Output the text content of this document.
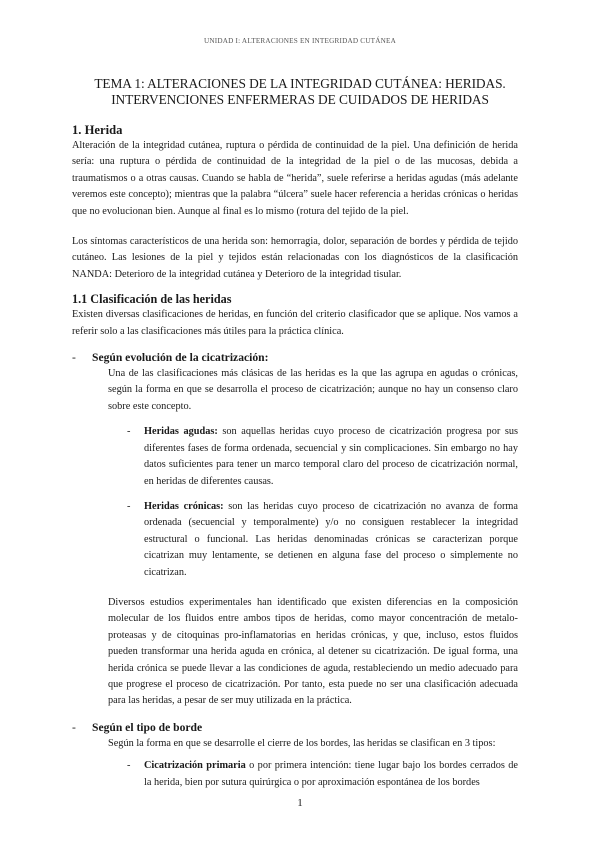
UNIDAD I: ALTERACIONES EN INTEGRIDAD CUTÁNEA
TEMA 1: ALTERACIONES DE LA INTEGRIDAD CUTÁNEA: HERIDAS.
INTERVENCIONES ENFERMERAS DE CUIDADOS DE HERIDAS
1. Herida

Alteración de la integridad cutánea, ruptura o pérdida de continuidad de la piel. Una definición de herida sería: una ruptura o pérdida de continuidad de la integridad de la piel o de las mucosas, debida a traumatismos o a otras causas. Cuando se habla de “herida”, suele referirse a heridas agudas (más adelante veremos este concepto); mientras que la palabra “úlcera” suele hacer referencia a heridas crónicas o heridas que no evolucionan bien. Aunque al final es lo mismo (rotura del tejido de la piel.

Los síntomas característicos de una herida son: hemorragia, dolor, separación de bordes y pérdida de tejido cutáneo. Las lesiones de la piel y tejidos están relacionadas con los diagnósticos de la clasificación NANDA: Deterioro de la integridad cutánea y Deterioro de la integridad tisular.

1.1 Clasificación de las heridas

Existen diversas clasificaciones de heridas, en función del criterio clasificador que se aplique. Nos vamos a referir solo a las clasificaciones más útiles para la práctica clínica.

- Según evolución de la cicatrización:

Una de las clasificaciones más clásicas de las heridas es la que las agrupa en agudas o crónicas, según la forma en que se desarrolla el proceso de cicatrización; aunque no hay un consenso claro sobre este concepto.

- Heridas agudas: son aquellas heridas cuyo proceso de cicatrización progresa por sus diferentes fases de forma ordenada, secuencial y sin complicaciones. Sin embargo no hay datos suficientes para tener un marco temporal claro del proceso de cicatrización normal, en heridas de diferentes causas.

- Heridas crónicas: son las heridas cuyo proceso de cicatrización no avanza de forma ordenada (secuencial y temporalmente) y/o no consiguen restablecer la integridad estructural o funcional. Las heridas denominadas crónicas se caracterizan porque cicatrizan muy lentamente, se detienen en alguna fase del proceso o simplemente no cicatrizan.

Diversos estudios experimentales han identificado que existen diferencias en la composición molecular de los fluidos entre ambos tipos de heridas, como mayor concentración de metalo-proteasas y de citoquinas pro-inflamatorias en heridas crónicas, y que, incluso, estos fluidos pueden transformar una herida aguda en crónica, al detener su cicatrización. De igual forma, una herida crónica se puede llevar a las condiciones de aguda, restableciendo un medio adecuado para que progrese el proceso de cicatrización. Por tanto, esta puede no ser una clasificación adecuada para las heridas, a pesar de ser muy utilizada en la práctica.

- Según el tipo de borde

Según la forma en que se desarrolle el cierre de los bordes, las heridas se clasifican en 3 tipos:

- Cicatrización primaria o por primera intención: tiene lugar bajo los bordes cerrados de la herida, bien por sutura quirúrgica o por aproximación espontánea de los bordes

1
